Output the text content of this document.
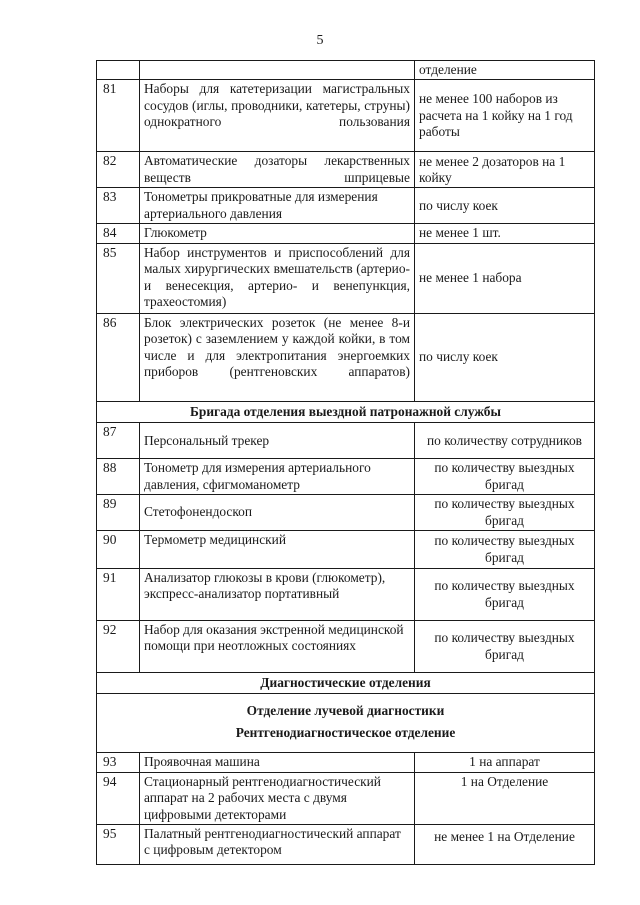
5
		отделение
81	Наборы для катетеризации магистральных сосудов (иглы, проводники, катетеры, струны) однократного пользования	не менее 100 наборов из расчета на 1 койку на 1 год работы
82	Автоматические дозаторы лекарственных веществ шприцевые	не менее 2 дозаторов на 1 койку
83	Тонометры прикроватные для измерения артериального давления	по числу коек
84	Глюкометр	не менее 1 шт.
85	Набор инструментов и приспособлений для малых хирургических вмешательств (артерио- и венесекция, артерио- и венепункция, трахеостомия)	не менее 1 набора
86	Блок электрических розеток (не менее 8-и розеток) с заземлением у каждой койки, в том числе и для электропитания энергоемких приборов (рентгеновских аппаратов)	по числу коек
Бригада отделения выездной патронажной службы		
87	Персональный трекер	по количеству сотрудников
88	Тонометр для измерения артериального давления, сфигмоманометр	по количеству выездных бригад
89	Стетофонендоскоп	по количеству выездных бригад
90	Термометр медицинский	по количеству выездных бригад
91	Анализатор глюкозы в крови (глюкометр), экспресс-анализатор портативный	по количеству выездных бригад
92	Набор для оказания экстренной медицинской помощи при неотложных состояниях	по количеству выездных бригад
Диагностические отделения		

Отделение лучевой диагностики
Рентгенодиагностическое отделение		

93	Проявочная машина	1 на аппарат
94	Стационарный рентгенодиагностический аппарат на 2 рабочих места с двумя цифровыми детекторами	1 на Отделение
95	Палатный рентгенодиагностический аппарат с цифровым детектором	не менее 1 на Отделение
